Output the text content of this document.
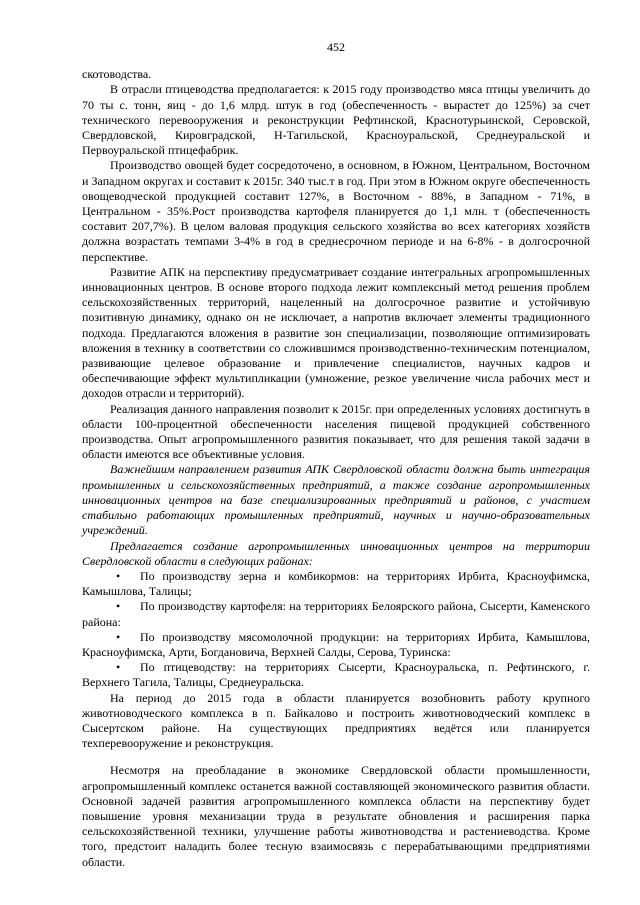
452

скотоводства.

В отрасли птицеводства предполагается: к 2015 году производство мяса птицы увеличить до 70 ты с. тонн, яиц - до 1,6 млрд. штук в год (обеспеченность - вырастет до 125%) за счет технического перевооружения и реконструкции Рефтинской, Краснотурьинской, Серовской, Свердловской, Кировградской, Н-Тагильской, Красноуральской, Среднеуральской и Первоуральской птицефабрик.

Производство овощей будет сосредоточено, в основном, в Южном, Центральном, Восточном и Западном округах и составит к 2015г. 340 тыс.т в год. При этом в Южном округе обеспеченность овощеводческой продукцией составит 127%, в Восточном - 88%, в Западном - 71%, в Центральном - 35%.Рост производства картофеля планируется до 1,1 млн. т (обеспеченность составит 207,7%). В целом валовая продукция сельского хозяйства во всех категориях хозяйств должна возрастать темпами 3-4% в год в среднесрочном периоде и на 6-8% - в долгосрочной перспективе.

Развитие АПК на перспективу предусматривает создание интегральных агропромышленных инновационных центров. В основе второго подхода лежит комплексный метод решения проблем сельскохозяйственных территорий, нацеленный на долгосрочное развитие и устойчивую позитивную динамику, однако он не исключает, а напротив включает элементы традиционного подхода. Предлагаются вложения в развитие зон специализации, позволяющие оптимизировать вложения в технику в соответствии со сложившимся производственно-техническим потенциалом, развивающие целевое образование и привлечение специалистов, научных кадров и обеспечивающие эффект мультипликации (умножение, резкое увеличение числа рабочих мест и доходов отрасли и территорий).

Реализация данного направления позволит к 2015г. при определенных условиях достигнуть в области 100-процентной обеспеченности населения пищевой продукцией собственного производства. Опыт агропромышленного развития показывает, что для решения такой задачи в области имеются все объективные условия.

Важнейшим направлением развития АПК Свердловской области должна быть интеграция промышленных и сельскохозяйственных предприятий, а также создание агропромышленных инновационных центров на базе специализированных предприятий и районов, с участием стабильно работающих промышленных предприятий, научных и научно-образовательных учреждений.

Предлагается создание агропромышленных инновационных центров на территории Свердловской области в следующих районах:

• По производству зерна и комбикормов: на территориях Ирбита, Красноуфимска, Камышлова, Талицы;

• По производству картофеля: на территориях Белоярского района, Сысерти, Каменского района:

• По производству мясомолочной продукции: на территориях Ирбита, Камышлова, Красноуфимска, Арти, Богдановича, Верхней Салды, Серова, Туринска:

• По птицеводству: на территориях Сысерти, Красноуральска, п. Рефтинского, г. Верхнего Тагила, Талицы, Среднеуральска.

На период до 2015 года в области планируется возобновить работу крупного животноводческого комплекса в п. Байкалово и построить животноводческий комплекс в Сысертском районе. На существующих предприятиях ведётся или планируется техперевооружение и реконструкция.

Несмотря на преобладание в экономике Свердловской области промышленности, агропромышленный комплекс останется важной составляющей экономического развития области. Основной задачей развития агропромышленного комплекса области на перспективу будет повышение уровня механизации труда в результате обновления и расширения парка сельскохозяйственной техники, улучшение работы животноводства и растениеводства. Кроме того, предстоит наладить более тесную взаимосвязь с перерабатывающими предприятиями области.
